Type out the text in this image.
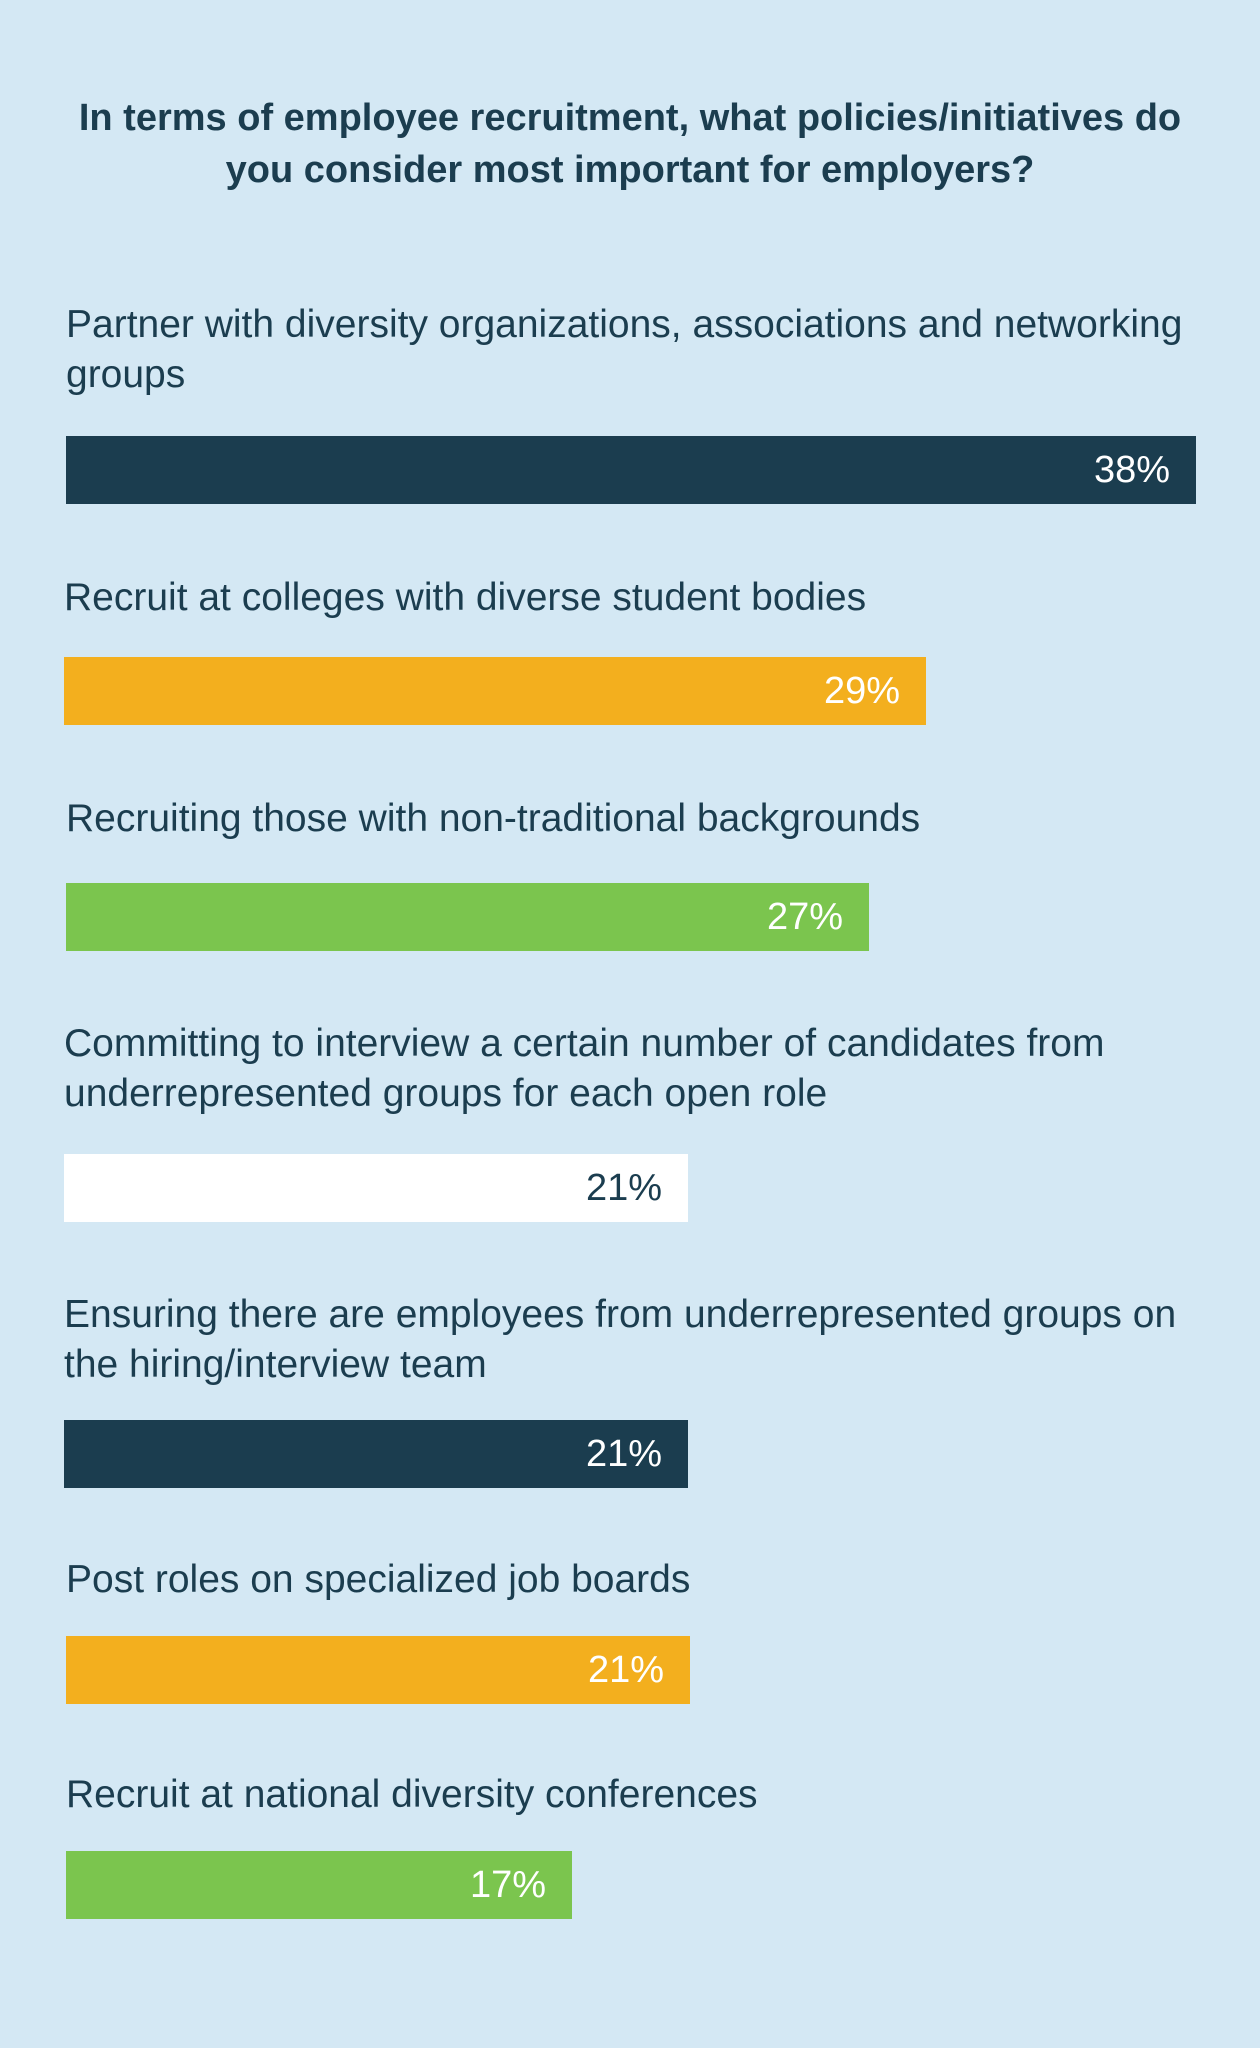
In terms of employee recruitment, what policies/initiatives do you consider most important for employers?

Partner with diversity organizations, associations and networking groups

38%

Recruit at colleges with diverse student bodies

29%

Recruiting those with non-traditional backgrounds

27%

Committing to interview a certain number of candidates from underrepresented groups for each open role

21%

Ensuring there are employees from underrepresented groups on the hiring/interview team

21%

Post roles on specialized job boards

21%

Recruit at national diversity conferences

17%
